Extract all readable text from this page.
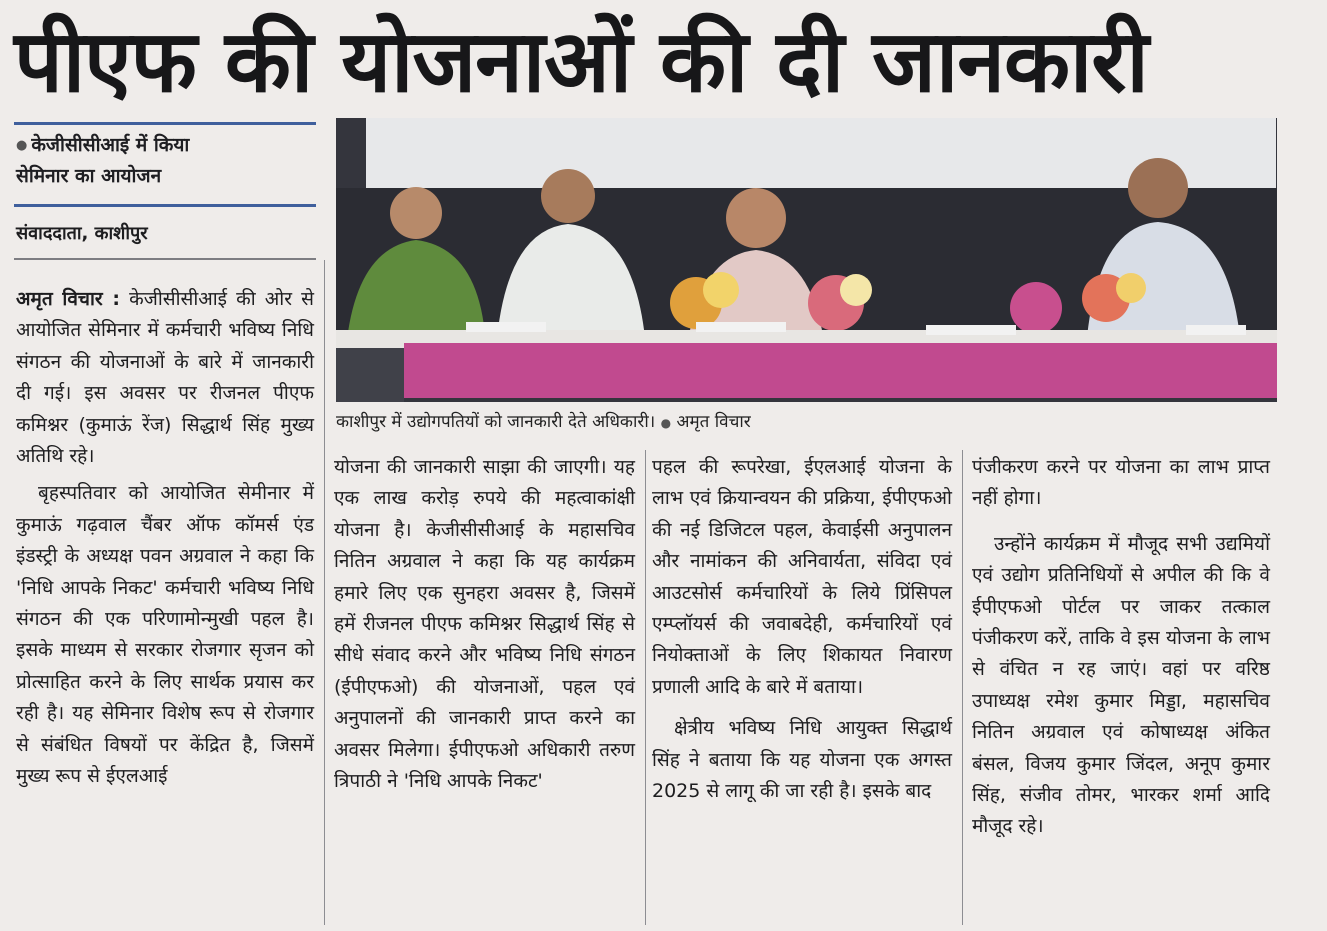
पीएफ की योजनाओं की दी जानकारी
● केजीसीसीआई में किया
सेमिनार का आयोजन
संवाददाता, काशीपुर
काशीपुर में उद्योगपतियों को जानकारी देते अधिकारी। ● अमृत विचार

अमृत विचार : केजीसीसीआई की ओर से आयोजित सेमिनार में कर्मचारी भविष्य निधि संगठन की योजनाओं के बारे में जानकारी दी गई। इस अवसर पर रीजनल पीएफ कमिश्नर (कुमाऊं रेंज) सिद्धार्थ सिंह मुख्य अतिथि रहे।

बृहस्पतिवार को आयोजित सेमीनार में कुमाऊं गढ़वाल चैंबर ऑफ कॉमर्स एंड इंडस्ट्री के अध्यक्ष पवन अग्रवाल ने कहा कि 'निधि आपके निकट' कर्मचारी भविष्य निधि संगठन की एक परिणामोन्मुखी पहल है। इसके माध्यम से सरकार रोजगार सृजन को प्रोत्साहित करने के लिए सार्थक प्रयास कर रही है। यह सेमिनार विशेष रूप से रोजगार से संबंधित विषयों पर केंद्रित है, जिसमें मुख्य रूप से ईएलआई

योजना की जानकारी साझा की जाएगी। यह एक लाख करोड़ रुपये की महत्वाकांक्षी योजना है। केजीसीसीआई के महासचिव नितिन अग्रवाल ने कहा कि यह कार्यक्रम हमारे लिए एक सुनहरा अवसर है, जिसमें हमें रीजनल पीएफ कमिश्नर सिद्धार्थ सिंह से सीधे संवाद करने और भविष्य निधि संगठन (ईपीएफओ) की योजनाओं, पहल एवं अनुपालनों की जानकारी प्राप्त करने का अवसर मिलेगा। ईपीएफओ अधिकारी तरुण त्रिपाठी ने 'निधि आपके निकट'

पहल की रूपरेखा, ईएलआई योजना के लाभ एवं क्रियान्वयन की प्रक्रिया, ईपीएफओ की नई डिजिटल पहल, केवाईसी अनुपालन और नामांकन की अनिवार्यता, संविदा एवं आउटसोर्स कर्मचारियों के लिये प्रिंसिपल एम्प्लॉयर्स की जवाबदेही, कर्मचारियों एवं नियोक्ताओं के लिए शिकायत निवारण प्रणाली आदि के बारे में बताया।

क्षेत्रीय भविष्य निधि आयुक्त सिद्धार्थ सिंह ने बताया कि यह योजना एक अगस्त 2025 से लागू की जा रही है। इसके बाद

पंजीकरण करने पर योजना का लाभ प्राप्त नहीं होगा।

उन्होंने कार्यक्रम में मौजूद सभी उद्यमियों एवं उद्योग प्रतिनिधियों से अपील की कि वे ईपीएफओ पोर्टल पर जाकर तत्काल पंजीकरण करें, ताकि वे इस योजना के लाभ से वंचित न रह जाएं। वहां पर वरिष्ठ उपाध्यक्ष रमेश कुमार मिड्डा, महासचिव नितिन अग्रवाल एवं कोषाध्यक्ष अंकित बंसल, विजय कुमार जिंदल, अनूप कुमार सिंह, संजीव तोमर, भारकर शर्मा आदि मौजूद रहे।
